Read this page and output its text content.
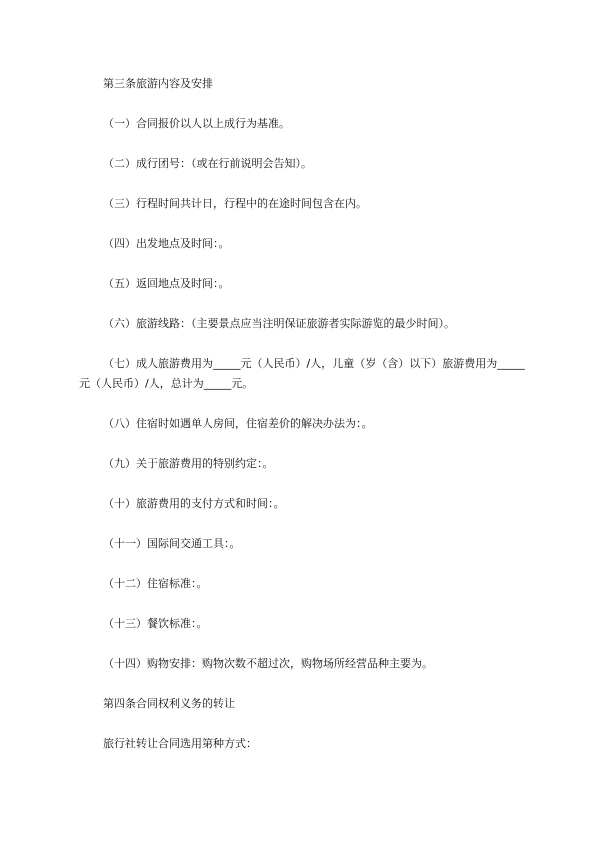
第三条旅游内容及安排

（一）合同报价以人以上成行为基准。

（二）成行团号：（或在行前说明会告知）。

（三）行程时间共计日，行程中的在途时间包含在内。

（四）出发地点及时间：。

（五）返回地点及时间：。

（六）旅游线路：（主要景点应当注明保证旅游者实际游览的最少时间）。

（七）成人旅游费用为_____元（人民币）/人，儿童（岁（含）以下）旅游费用为_____元（人民币）/人，总计为_____元。

（八）住宿时如遇单人房间，住宿差价的解决办法为：。

（九）关于旅游费用的特别约定：。

（十）旅游费用的支付方式和时间：。

（十一）国际间交通工具：。

（十二）住宿标准：。

（十三）餐饮标准：。

（十四）购物安排：购物次数不超过次，购物场所经营品种主要为。

第四条合同权利义务的转让

旅行社转让合同选用第种方式：
